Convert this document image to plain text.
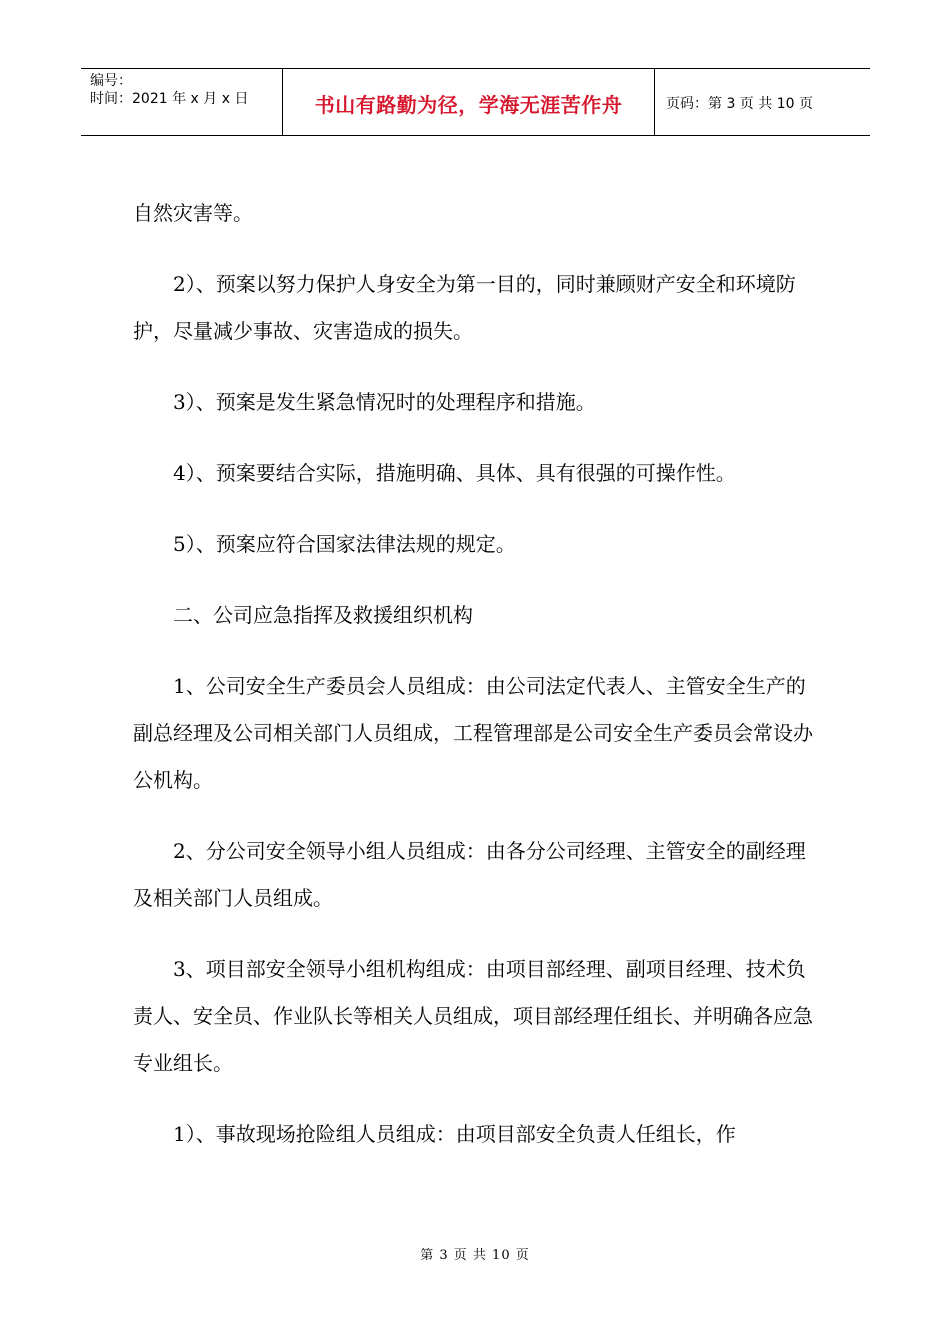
编号：
时间：2021 年 x 月 x 日	书山有路勤为径，学海无涯苦作舟	页码：第 3 页 共 10 页

自然灾害等。

2）、预案以努力保护人身安全为第一目的，同时兼顾财产安全和环境防护，尽量减少事故、灾害造成的损失。

3）、预案是发生紧急情况时的处理程序和措施。

4）、预案要结合实际，措施明确、具体、具有很强的可操作性。

5）、预案应符合国家法律法规的规定。

二、公司应急指挥及救援组织机构

1、公司安全生产委员会人员组成：由公司法定代表人、主管安全生产的副总经理及公司相关部门人员组成，工程管理部是公司安全生产委员会常设办公机构。

2、分公司安全领导小组人员组成：由各分公司经理、主管安全的副经理及相关部门人员组成。

3、项目部安全领导小组机构组成：由项目部经理、副项目经理、技术负责人、安全员、作业队长等相关人员组成，项目部经理任组长、并明确各应急专业组长。

1）、事故现场抢险组人员组成：由项目部安全负责人任组长，作

第 3 页 共 10 页
